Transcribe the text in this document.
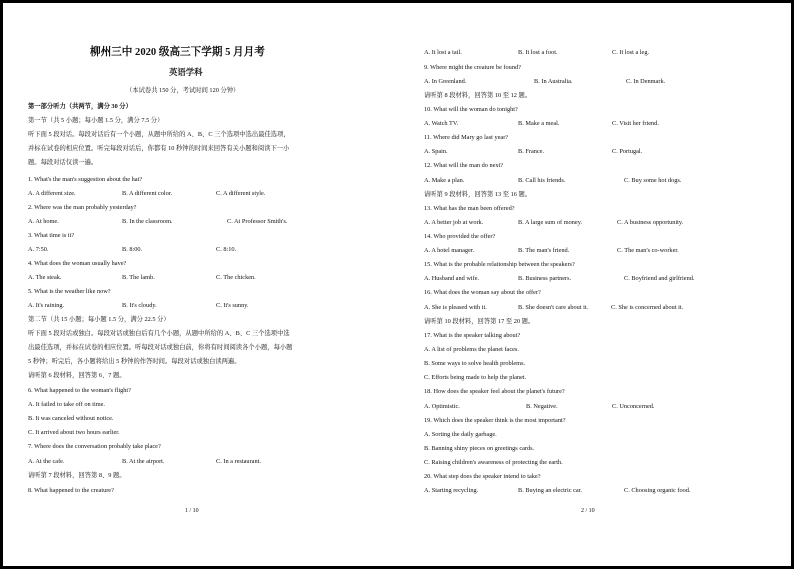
柳州三中 2020 级高三下学期 5 月月考
英语学科
（本试卷共 150 分，考试时间 120 分钟）
第一部分听力（共两节，满分 30 分）
第一节（共 5 小题；每小题 1.5 分，满分 7.5 分）
听下面 5 段对话。每段对话后有一个小题，从题中所给的 A、B、C 三个选项中选出最佳选项，
并标在试卷的相应位置。听完每段对话后，你都有 10 秒钟的时间来回答有关小题和阅读下一小
题。每段对话仅读一遍。
1. What's the man's suggestion about the hat?
A. A different size.	B. A different color.	C. A different style.
2. Where was the man probably yesterday?
A. At home.	B. In the classroom.	C. At Professor Smith's.
3. What time is it?
A. 7:50.	B. 8:00.	C. 8:10.
4. What does the woman usually have?
A. The steak.	B. The lamb.	C. The chicken.
5. What is the weather like now?
A. It's raining.	B. It's cloudy.	C. It's sunny.
第二节（共 15 小题；每小题 1.5 分，满分 22.5 分）
听下面 5 段对话或独白。每段对话或独白后有几个小题，从题中所给的 A、B、C 三个选项中选
出最佳选项，并标在试卷的相应位置。听每段对话或独白前，你将有时间阅读各个小题，每小题
5 秒钟；听完后，各小题将给出 5 秒钟的作答时间。每段对话或独白读两遍。
请听第 6 段材料，回答第 6、7 题。
6. What happened to the woman's flight?
A. It failed to take off on time.
B. It was canceled without notice.
C. It arrived about two hours earlier.
7. Where does the conversation probably take place?
A. At the cafe.	B. At the airport.	C. In a restaurant.
请听第 7 段材料，回答第 8、9 题。
8. What happened to the creature?
1 / 10
A. It lost a tail.	B. It lost a foot.	C. It lost a leg.
9. Where might the creature be found?
A. In Greenland.	B. In Australia.	C. In Denmark.
请听第 8 段材料，回答第 10 至 12 题。
10. What will the woman do tonight?
A. Watch TV.	B. Make a meal.	C. Visit her friend.
11. Where did Mary go last year?
A. Spain.	B. France.	C. Portugal.
12. What will the man do next?
A. Make a plan.	B. Call his friends.	C. Buy some hot dogs.
请听第 9 段材料，回答第 13 至 16 题。
13. What has the man been offered?
A. A better job at work.	B. A large sum of money.	C. A business opportunity.
14. Who provided the offer?
A. A hotel manager.	B. The man's friend.	C. The man's co-worker.
15. What is the probable relationship between the speakers?
A. Husband and wife.	B. Business partners.	C. Boyfriend and girlfriend.
16. What does the woman say about the offer?
A. She is pleased with it.	B. She doesn't care about it.	C. She is concerned about it.
请听第 10 段材料，回答第 17 至 20 题。
17. What is the speaker talking about?
A. A list of problems the planet faces.
B. Some ways to solve health problems.
C. Efforts being made to help the planet.
18. How does the speaker feel about the planet's future?
A. Optimistic.	B. Negative.	C. Unconcerned.
19. Which does the speaker think is the most important?
A. Sorting the daily garbage.
B. Banning shiny pieces on greetings cards.
C. Raising children's awareness of protecting the earth.
20. What step does the speaker intend to take?
A. Starting recycling.	B. Buying an electric car.	C. Choosing organic food.
2 / 10
